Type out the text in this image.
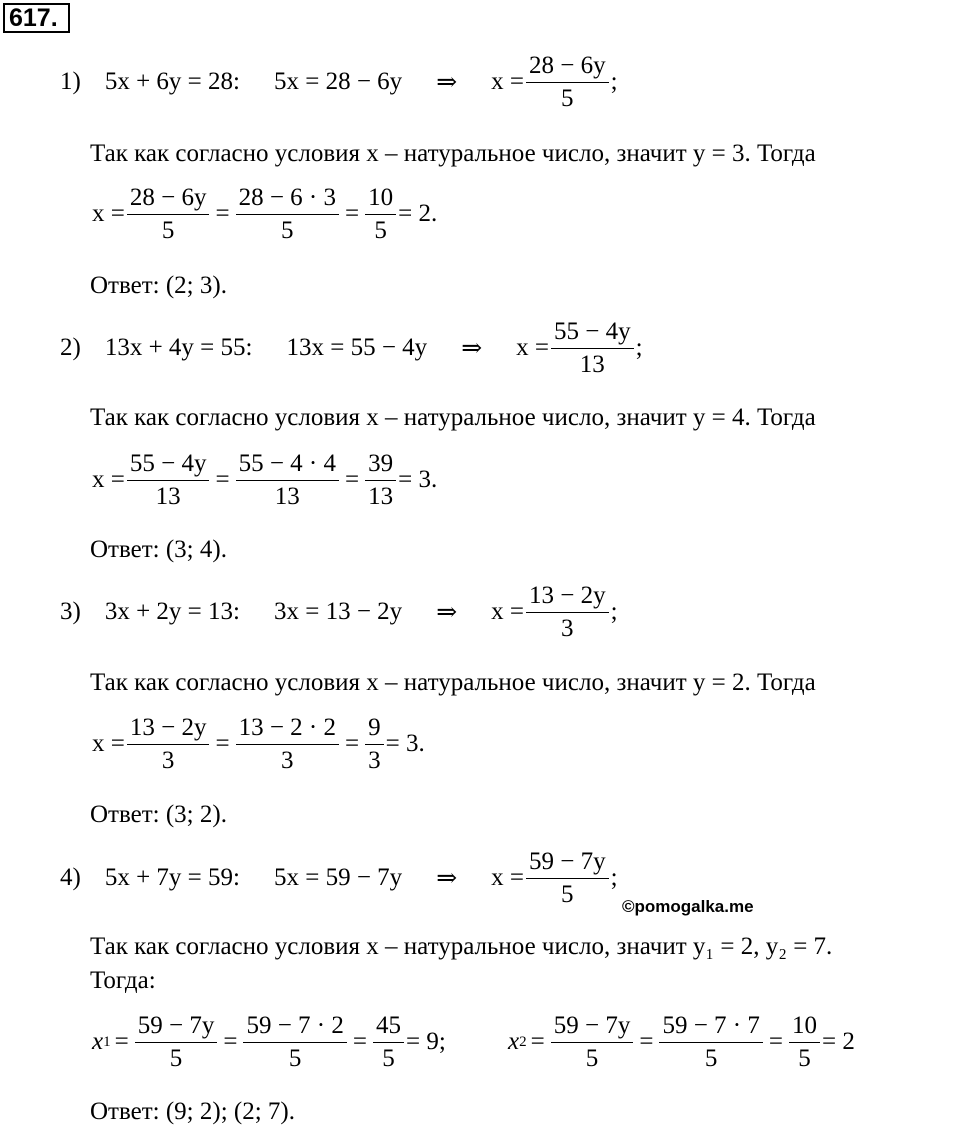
617.
1) 5x + 6y = 28: 5x = 28 − 6y ⇒ $x = \frac{28 - 6y}{5}$ ;
Так как согласно условия x – натуральное число, значит y = 3. Тогда
$x = \frac{28 - 6y}{5} = \frac{28 - 6 \cdot 3}{5} = \frac{10}{5} = 2$.
Ответ: (2; 3).
2) 13x + 4y = 55: 13x = 55 − 4y ⇒ $x = \frac{55 - 4y}{13}$ ;
Так как согласно условия x – натуральное число, значит y = 4. Тогда
$x = \frac{55 - 4y}{13} = \frac{55 - 4 \cdot 4}{13} = \frac{39}{13} = 3$.
Ответ: (3; 4).
3) 3x + 2y = 13: 3x = 13 − 2y ⇒ $x = \frac{13 - 2y}{3}$ ;
Так как согласно условия x – натуральное число, значит y = 2. Тогда
$x = \frac{13 - 2y}{3} = \frac{13 - 2 \cdot 2}{3} = \frac{9}{3} = 3$.
Ответ: (3; 2).
4) 5x + 7y = 59: 5x = 59 − 7y ⇒ $x = \frac{59 - 7y}{5}$ ;
©pomogalka.me
Так как согласно условия x – натуральное число, значит y₁ = 2, y₂ = 7.
Тогда:
x $1 = \frac{59 - 7y}{5} = \frac{59 - 7 \cdot 2}{5} = \frac{45}{5} = 9$; x $2 = \frac{59 - 7y}{5} = \frac{59 - 7 \cdot 7}{5} = \frac{10}{5} = 2$
Ответ: (9; 2); (2; 7).
